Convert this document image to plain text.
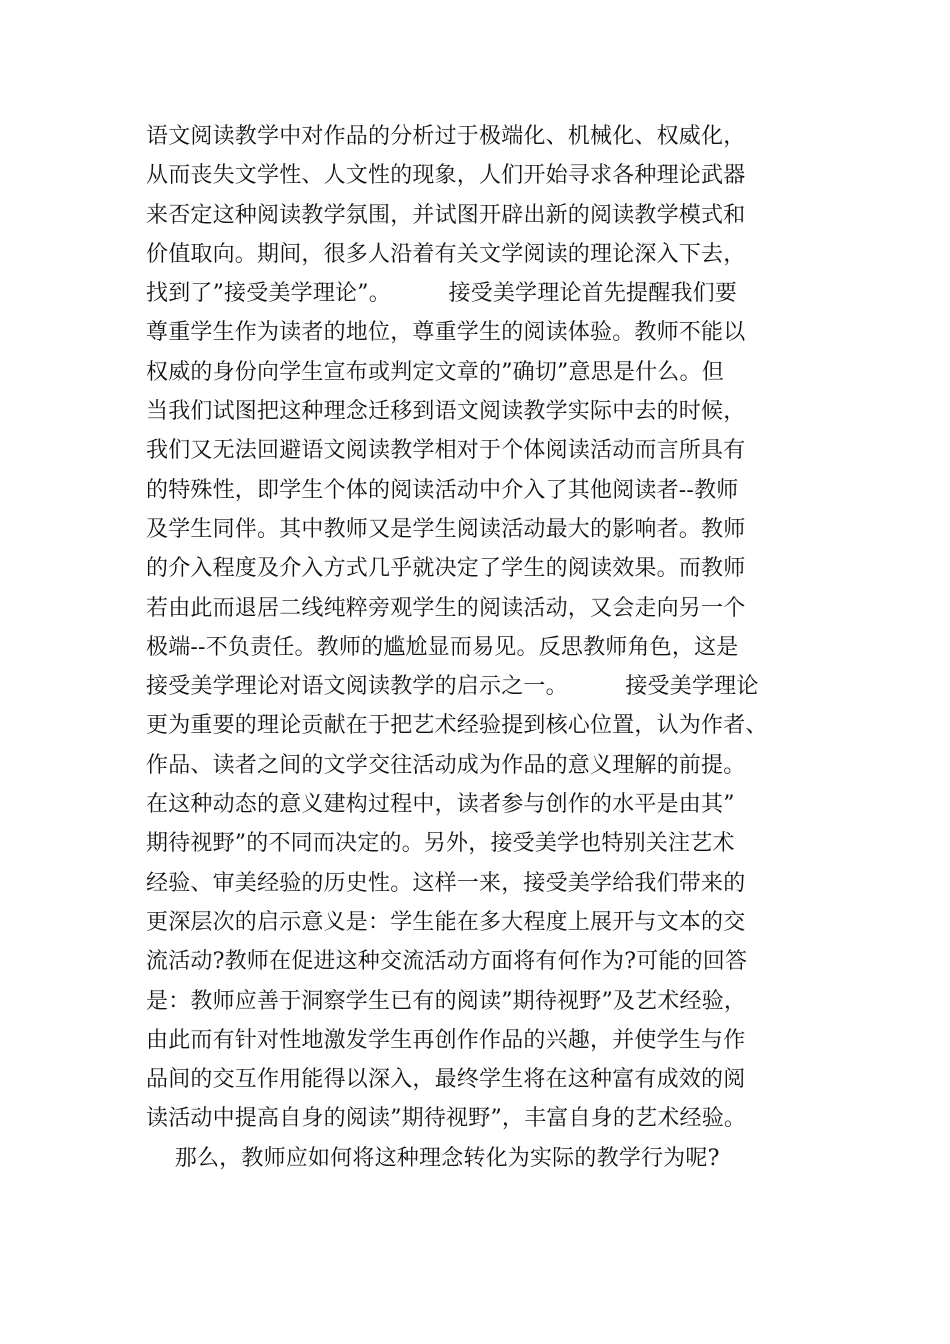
语文阅读教学中对作品的分析过于极端化、机械化、权威化，
从而丧失文学性、人文性的现象，人们开始寻求各种理论武器
来否定这种阅读教学氛围，并试图开辟出新的阅读教学模式和
价值取向。期间，很多人沿着有关文学阅读的理论深入下去，
找到了”接受美学理论”。        接受美学理论首先提醒我们要
尊重学生作为读者的地位，尊重学生的阅读体验。教师不能以
权威的身份向学生宣布或判定文章的”确切”意思是什么。但
当我们试图把这种理念迁移到语文阅读教学实际中去的时候，
我们又无法回避语文阅读教学相对于个体阅读活动而言所具有
的特殊性，即学生个体的阅读活动中介入了其他阅读者--教师
及学生同伴。其中教师又是学生阅读活动最大的影响者。教师
的介入程度及介入方式几乎就决定了学生的阅读效果。而教师
若由此而退居二线纯粹旁观学生的阅读活动，又会走向另一个
极端--不负责任。教师的尴尬显而易见。反思教师角色，这是
接受美学理论对语文阅读教学的启示之一。        接受美学理论
更为重要的理论贡献在于把艺术经验提到核心位置，认为作者、
作品、读者之间的文学交往活动成为作品的意义理解的前提。
在这种动态的意义建构过程中，读者参与创作的水平是由其”
期待视野”的不同而决定的。另外，接受美学也特别关注艺术
经验、审美经验的历史性。这样一来，接受美学给我们带来的
更深层次的启示意义是：学生能在多大程度上展开与文本的交
流活动?教师在促进这种交流活动方面将有何作为?可能的回答
是：教师应善于洞察学生已有的阅读”期待视野”及艺术经验，
由此而有针对性地激发学生再创作作品的兴趣，并使学生与作
品间的交互作用能得以深入，最终学生将在这种富有成效的阅
读活动中提高自身的阅读”期待视野”，丰富自身的艺术经验。
那么，教师应如何将这种理念转化为实际的教学行为呢?
